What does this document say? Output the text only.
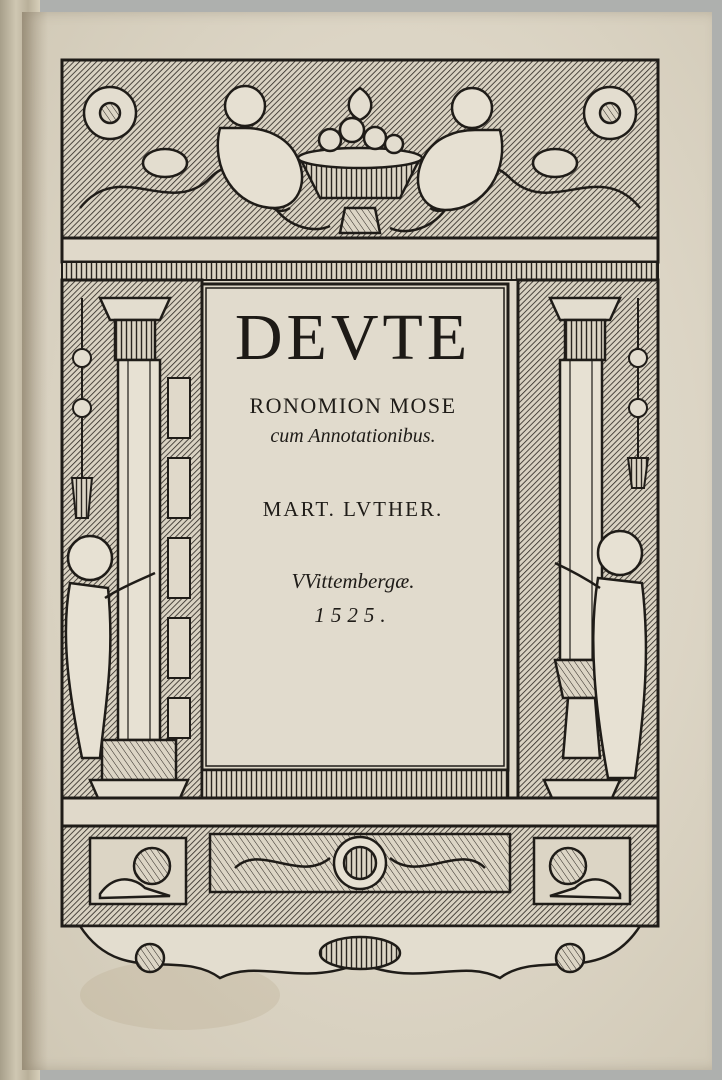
DEVTE
RONOMION MOSE
cum Annotationibus.
MART. LVTHER.
VVittembergæ.
1525.
